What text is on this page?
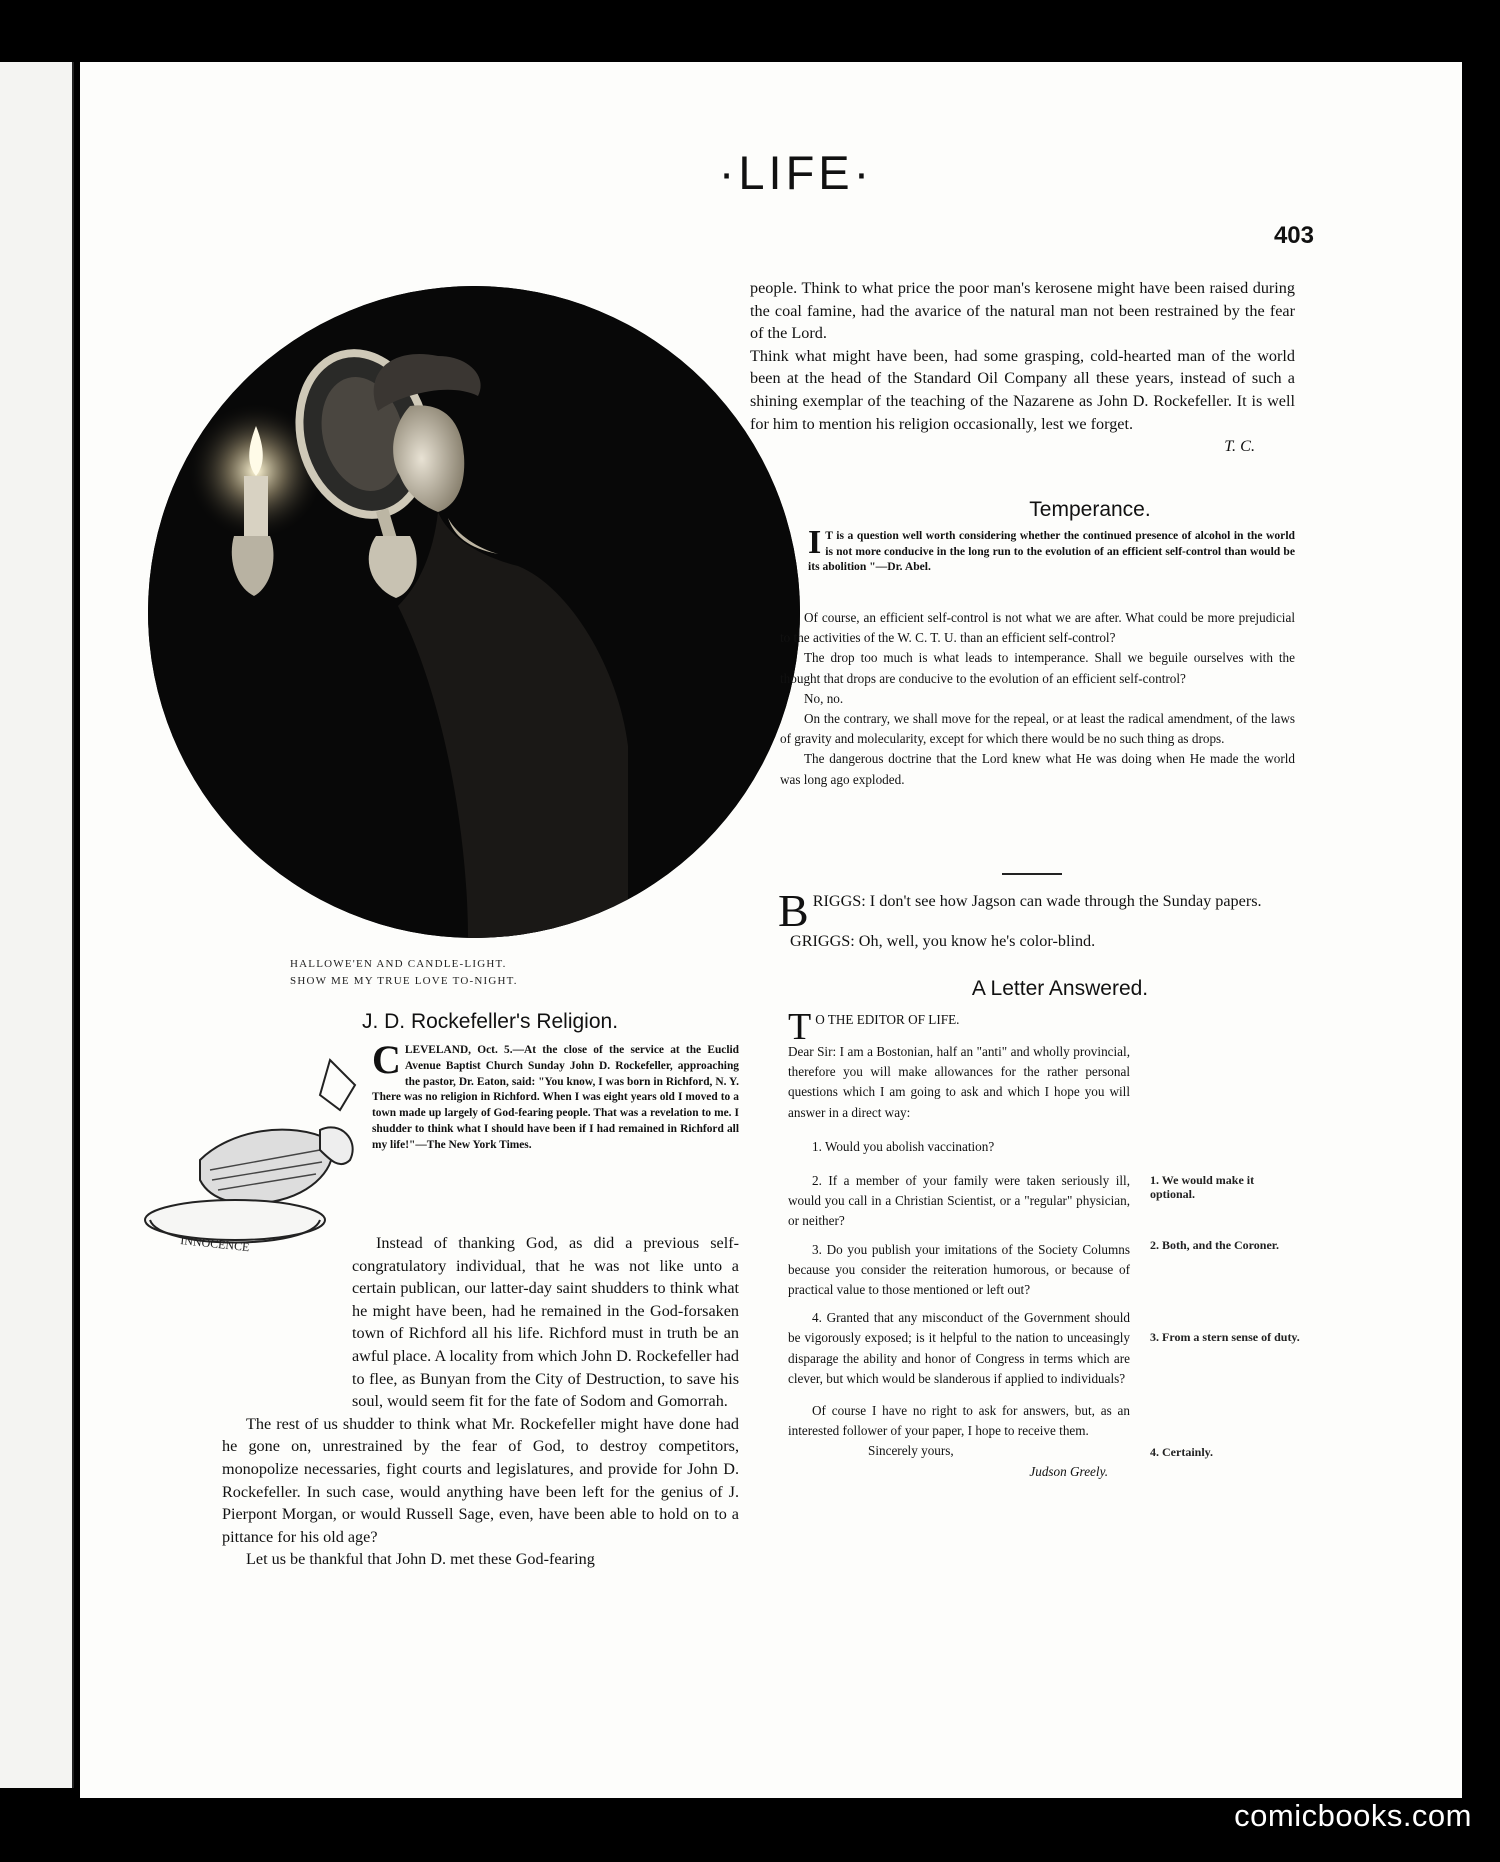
·LIFE·
403

HALLOWE'EN AND CANDLE-LIGHT.

SHOW ME MY TRUE LOVE TO-NIGHT.

people. Think to what price the poor man's kerosene might have been raised during the coal famine, had the avarice of the natural man not been restrained by the fear of the Lord.

Think what might have been, had some grasping, cold-hearted man of the world been at the head of the Standard Oil Company all these years, instead of such a shining exemplar of the teaching of the Nazarene as John D. Rockefeller. It is well for him to mention his religion occasionally, lest we forget.

T. C.

Temperance.

I T is a question well worth considering whether the continued presence of alcohol in the world is not more conducive in the long run to the evolution of an efficient self-control than would be its abolition "—Dr. Abel.

Of course, an efficient self-control is not what we are after. What could be more prejudicial to the activities of the W. C. T. U. than an efficient self-control?

The drop too much is what leads to intemperance. Shall we beguile ourselves with the thought that drops are conducive to the evolution of an efficient self-control?

No, no.

On the contrary, we shall move for the repeal, or at least the radical amendment, of the laws of gravity and molecularity, except for which there would be no such thing as drops.

The dangerous doctrine that the Lord knew what He was doing when He made the world was long ago exploded.

BRIGGS: I don't see how Jagson can wade through the Sunday papers.

GRIGGS: Oh, well, you know he's color-blind.

A Letter Answered.

T O THE EDITOR OF LIFE.

Dear Sir: I am a Bostonian, half an "anti" and wholly provincial, therefore you will make allowances for the rather personal questions which I am going to ask and which I hope you will answer in a direct way:

1. Would you abolish vaccination?

2. If a member of your family were taken seriously ill, would you call in a Christian Scientist, or a "regular" physician, or neither?

3. Do you publish your imitations of the Society Columns because you consider the reiteration humorous, or because of practical value to those mentioned or left out?

4. Granted that any misconduct of the Government should be vigorously exposed; is it helpful to the nation to unceasingly disparage the ability and honor of Congress in terms which are clever, but which would be slanderous if applied to individuals?

Of course I have no right to ask for answers, but, as an interested follower of your paper, I hope to receive them.

Sincerely yours,

Judson Greely.

1. We would make it optional.
2. Both, and the Coroner.
3. From a stern sense of duty.
4. Certainly.
J. D. Rockefeller's Religion.
INNOCENCE

CLEVELAND, Oct. 5.—At the close of the service at the Euclid Avenue Baptist Church Sunday John D. Rockefeller, approaching the pastor, Dr. Eaton, said: "You know, I was born in Richford, N. Y. There was no religion in Richford. When I was eight years old I moved to a town made up largely of God-fearing people. That was a revelation to me. I shudder to think what I should have been if I had remained in Richford all my life!"—The New York Times.

Instead of thanking God, as did a previous self-congratulatory individual, that he was not like unto a certain publican, our latter-day saint shudders to think what he might have been, had he remained in the God-forsaken town of Richford all his life. Richford must in truth be an awful place. A locality from which John D. Rockefeller had to flee, as Bunyan from the City of Destruction, to save his soul, would seem fit for the fate of Sodom and Gomorrah.

The rest of us shudder to think what Mr. Rockefeller might have done had he gone on, unrestrained by the fear of God, to destroy competitors, monopolize necessaries, fight courts and legislatures, and provide for John D. Rockefeller. In such case, would anything have been left for the genius of J. Pierpont Morgan, or would Russell Sage, even, have been able to hold on to a pittance for his old age?

Let us be thankful that John D. met these God-fearing

comicbooks.com
